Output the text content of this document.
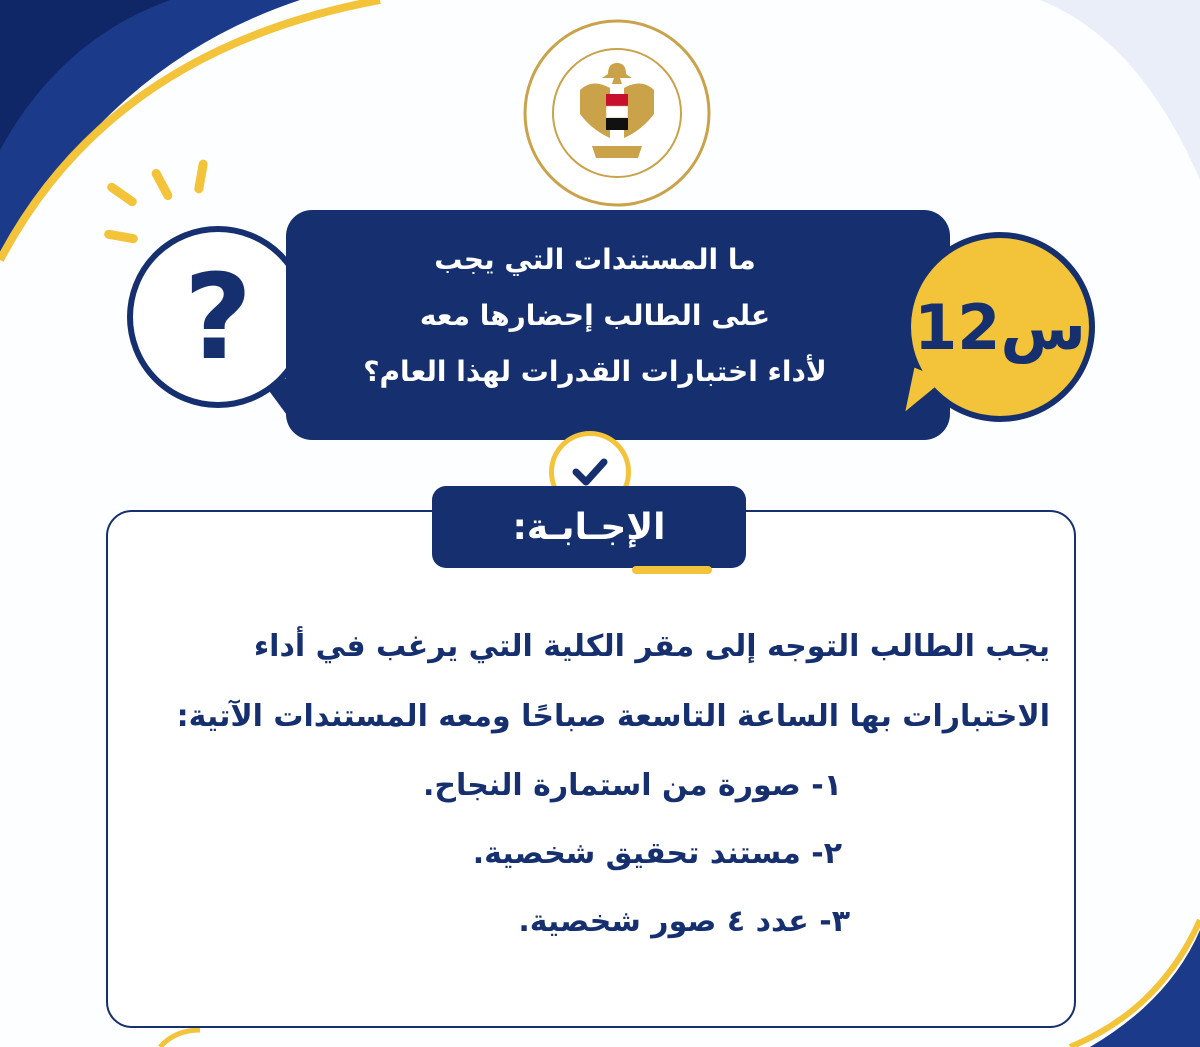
?	ما المستندات التي يجب
على الطالب إحضارها معه
لأداء اختبارات القدرات لهذا العام؟
س12
الإجـابـة:
يجب الطالب التوجه إلى مقر الكلية التي يرغب في أداء
الاختبارات بها الساعة التاسعة صباحًا ومعه المستندات الآتية:
١- صورة من استمارة النجاح.
٢- مستند تحقيق شخصية.
٣- عدد ٤ صور شخصية.
